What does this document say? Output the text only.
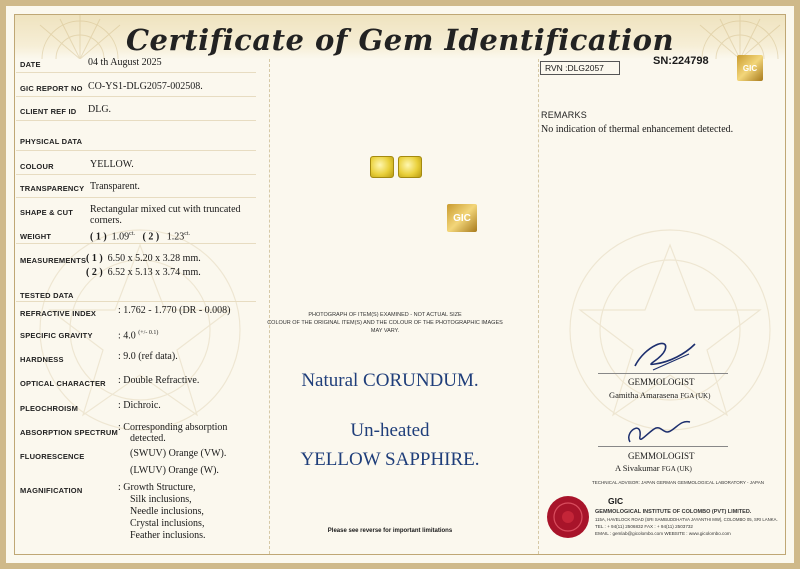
Certificate of Gem Identification
DATE	04 th August 2025
GIC REPORT NO CO-YS1-DLG2057-002508.
CLIENT REF ID DLG.
PHYSICAL DATA
COLOUR	YELLOW.
TRANSPARENCY Transparent.
SHAPE & CUT Rectangular mixed cut with truncated
corners.
WEIGHT	( 1 ) $1.09^{ct.}$ ( 2 ) $1.23^{ct.}$
MEASUREMENTS ( 1 ) 6.50 x 5.20 x 3.28 mm.
( 2 ) 6.52 x 5.13 x 3.74 mm.
TESTED DATA
REFRACTIVE INDEX : 1.762 - 1.770 (DR - 0.008)
SPECIFIC GRAVITY	: 4.0 $^{(+/- 0.1)}$
HARDNESS	: 9.0 (ref data).
OPTICAL CHARACTER : Double Refractive.
PLEOCHROISM	: Dichroic.
ABSORPTION SPECTRUM : Corresponding absorption
detected.
FLUORESCENCE	(SWUV) Orange (VW).
(LWUV) Orange (W).
MAGNIFICATION	: Growth Structure,
Silk inclusions,
Needle inclusions,
Crystal inclusions,
Feather inclusions.
GIC
PHOTOGRAPH OF ITEM(S) EXAMINED - NOT ACTUAL SIZE
COLOUR OF THE ORIGINAL ITEM(S) AND THE COLOUR OF THE PHOTOGRAPHIC IMAGES MAY VARY.
Natural CORUNDUM.
Un-heated
YELLOW SAPPHIRE.
Please see reverse for important limitations
RVN :DLG2057
SN:224798
GIC
REMARKS
No indication of thermal enhancement detected.
GEMMOLOGIST
Gamitha Amarasena FGA (UK)
GEMMOLOGIST
A Sivakumar FGA (UK)
TECHNICAL ADVISOR: JAPAN GERMAN GEMMOLOGICAL LABORATORY - JAPAN
GIC
GEMMOLOGICAL INSTITUTE OF COLOMBO (PVT) LIMITED.
115A, HAVELOCK ROAD (SRI SAMBUDDHATVA JAYANTHI MW), COLOMBO 05, SRI LANKA.
TEL : + 94(11) 2506832 FAX : + 94(11) 2503732
EMAIL : gemlab@gicolombo.com WEBSITE : www.gicolombo.com
